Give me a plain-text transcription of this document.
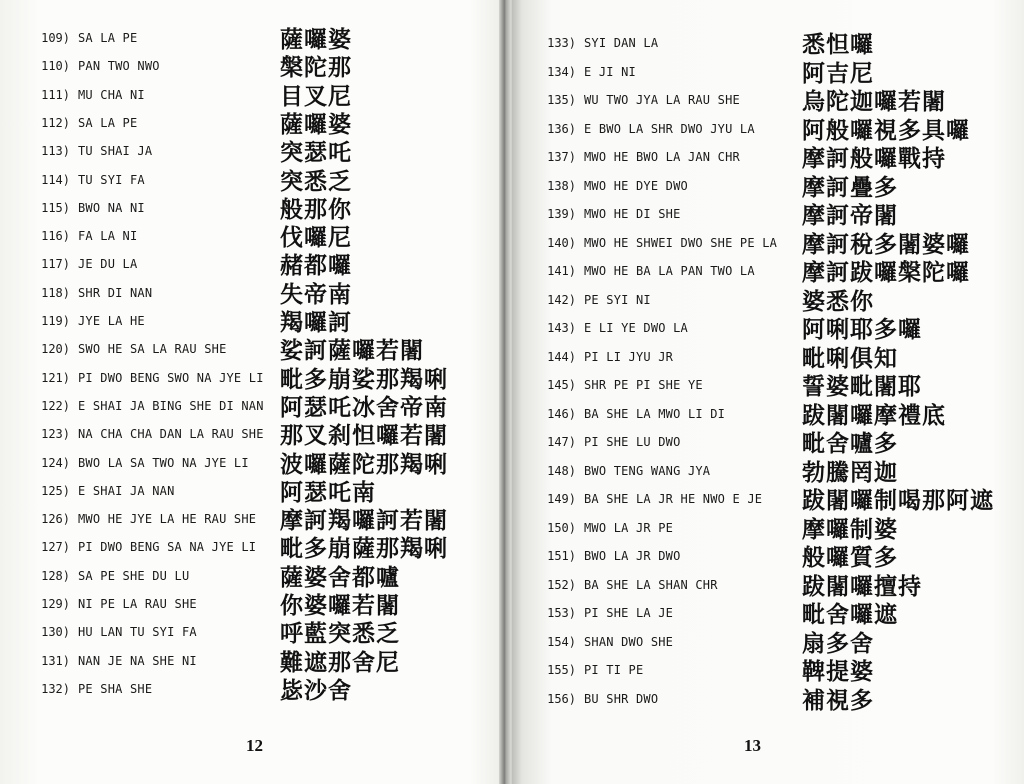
12
109) SA LA PE	薩囉婆
110) PAN TWO NWO	槃陀那
111) MU CHA NI	目叉尼
112) SA LA PE	薩囉婆
113) TU SHAI JA	突瑟吒
114) TU SYI FA	突悉乏
115) BWO NA NI	般那你
116) FA LA NI	伐囉尼
117) JE DU LA	赭都囉
118) SHR DI NAN	失帝南
119) JYE LA HE	羯囉訶
120) SWO HE SA LA RAU SHE 娑訶薩囉若闍
121) PI DWO BENG SWO NA JYE LI 毗多崩娑那羯唎
122) E SHAI JA BING SHE DI NAN 阿瑟吒冰舍帝南
123) NA CHA CHA DAN LA RAU SHE 那叉刹怛囉若闍
124) BWO LA SA TWO NA JYE LI 波囉薩陀那羯唎
125) E SHAI JA NAN	阿瑟吒南
126) MWO HE JYE LA HE RAU SHE 摩訶羯囉訶若闍
127) PI DWO BENG SA NA JYE LI 毗多崩薩那羯唎
128) SA PE SHE DU LU	薩婆舍都嚧
129) NI PE LA RAU SHE	你婆囉若闍
130) HU LAN TU SYI FA	呼藍突悉乏
131) NAN JE NA SHE NI	難遮那舍尼
132) PE SHA SHE	毖沙舍
13
133) SYI DAN LA	悉怛囉
134) E JI NI	阿吉尼
135) WU TWO JYA LA RAU SHE	烏陀迦囉若闍
136) E BWO LA SHR DWO JYU LA 阿般囉視多具囉
137) MWO HE BWO LA JAN CHR	摩訶般囉戰持
138) MWO HE DYE DWO	摩訶疊多
139) MWO HE DI SHE	摩訶帝闍
140) MWO HE SHWEI DWO SHE PE LA 摩訶稅多闍婆囉
141) MWO HE BA LA PAN TWO LA 摩訶跋囉槃陀囉
142) PE SYI NI	婆悉你
143) E LI YE DWO LA	阿唎耶多囉
144) PI LI JYU JR	毗唎俱知
145) SHR PE PI SHE YE	誓婆毗闍耶
146) BA SHE LA MWO LI DI	跋闍囉摩禮底
147) PI SHE LU DWO	毗舍嚧多
148) BWO TENG WANG JYA	勃騰罔迦
149) BA SHE LA JR HE NWO E JE 跋闍囉制喝那阿遮
150) MWO LA JR PE	摩囉制婆
151) BWO LA JR DWO	般囉質多
152) BA SHE LA SHAN CHR	跋闍囉擅持
153) PI SHE LA JE	毗舍囉遮
154) SHAN DWO SHE	扇多舍
155) PI TI PE	鞞提婆
156) BU SHR DWO	補視多
